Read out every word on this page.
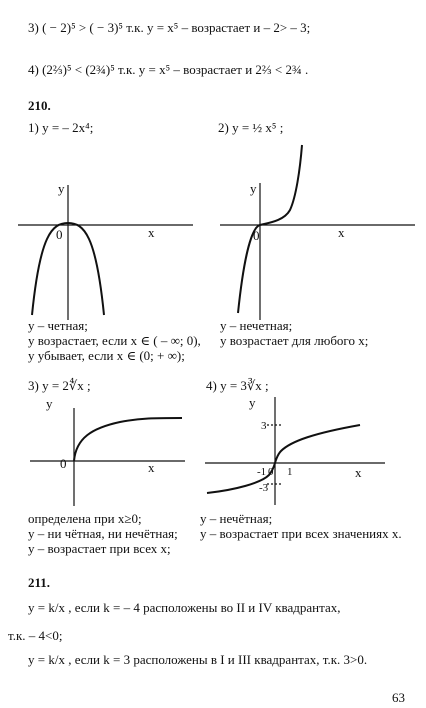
3) ( − 2)⁵ > ( − 3)⁵ т.к. y = x⁵ – возрастает и – 2> – 3;
4) (2⅔)⁵ < (2¾)⁵ т.к. y = x⁵ – возрастает и 2⅔ < 2¾ .
210.
1) y = – 2x⁴;	2) y = ½ x⁵ ;
y
x
0
y
x
0
y – четная;
y возрастает, если x ∈ ( – ∞; 0),
y убывает, если x ∈ (0; + ∞);
y – нечетная;
y возрастает для любого x;
3) y = 2∜x ;	4) y = 3∛x ;
y
x
0
y
x
3
-3
-1 0 1
определена при x≥0;
y – ни чётная, ни нечётная;
y – возрастает при всех x;
y – нечётная;
y – возрастает при всех значениях x.
211.
y = k/x , если k = – 4 расположены во II и IV квадрантах,
т.к. – 4<0;
y = k/x , если k = 3 расположены в I и III квадрантах, т.к. 3>0.
63
